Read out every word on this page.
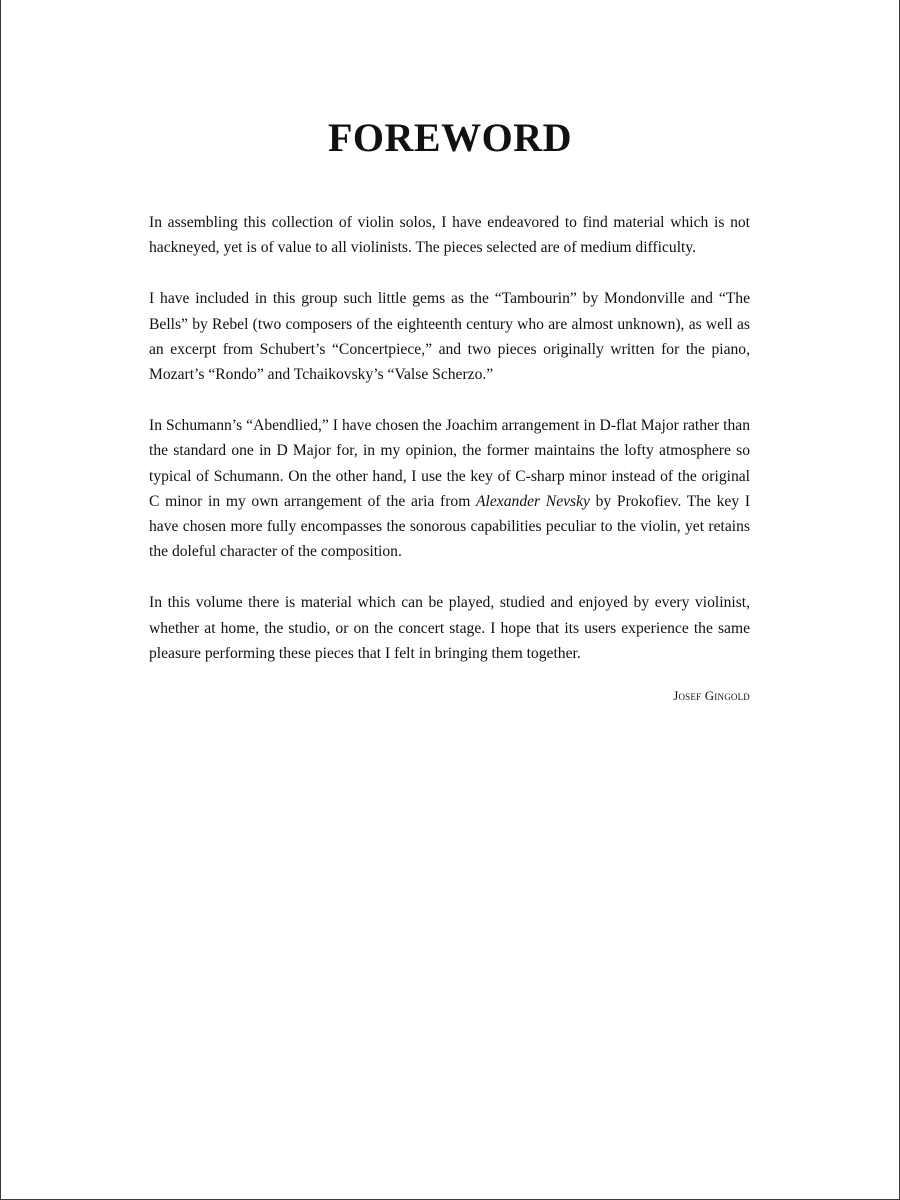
FOREWORD

In assembling this collection of violin solos, I have endeavored to find material which is not hackneyed, yet is of value to all violinists. The pieces selected are of medium difficulty.

I have included in this group such little gems as the “Tambourin” by Mondonville and “The Bells” by Rebel (two composers of the eighteenth century who are almost unknown), as well as an excerpt from Schubert’s “Concertpiece,” and two pieces originally written for the piano, Mozart’s “Rondo” and Tchaikovsky’s “Valse Scherzo.”

In Schumann’s “Abendlied,” I have chosen the Joachim arrangement in D-flat Major rather than the standard one in D Major for, in my opinion, the former maintains the lofty atmosphere so typical of Schumann. On the other hand, I use the key of C-sharp minor instead of the original C minor in my own arrangement of the aria from Alexander Nevsky by Prokofiev. The key I have chosen more fully encompasses the sonorous capabilities peculiar to the violin, yet retains the doleful character of the composition.

In this volume there is material which can be played, studied and enjoyed by every violinist, whether at home, the studio, or on the concert stage. I hope that its users experience the same pleasure performing these pieces that I felt in bringing them together.

Josef Gingold
